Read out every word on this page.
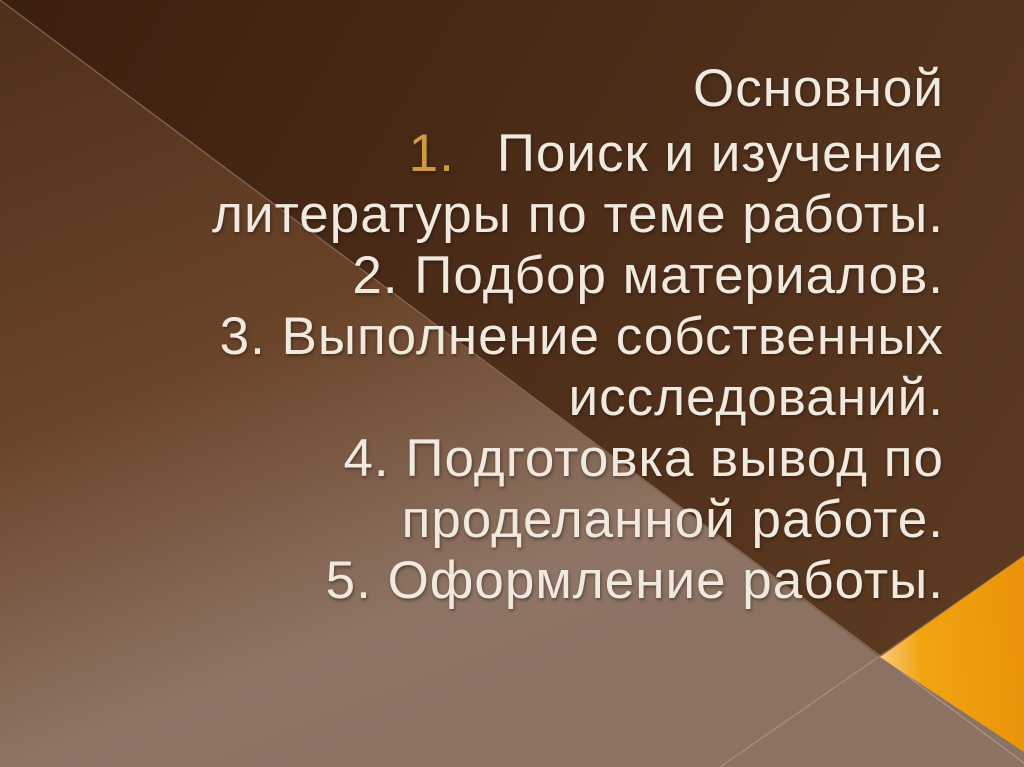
Основной
1. Поиск и изучение
литературы по теме работы.
2. Подбор материалов.
3. Выполнение собственных
исследований.
4. Подготовка вывод по
проделанной работе.
5. Оформление работы.
